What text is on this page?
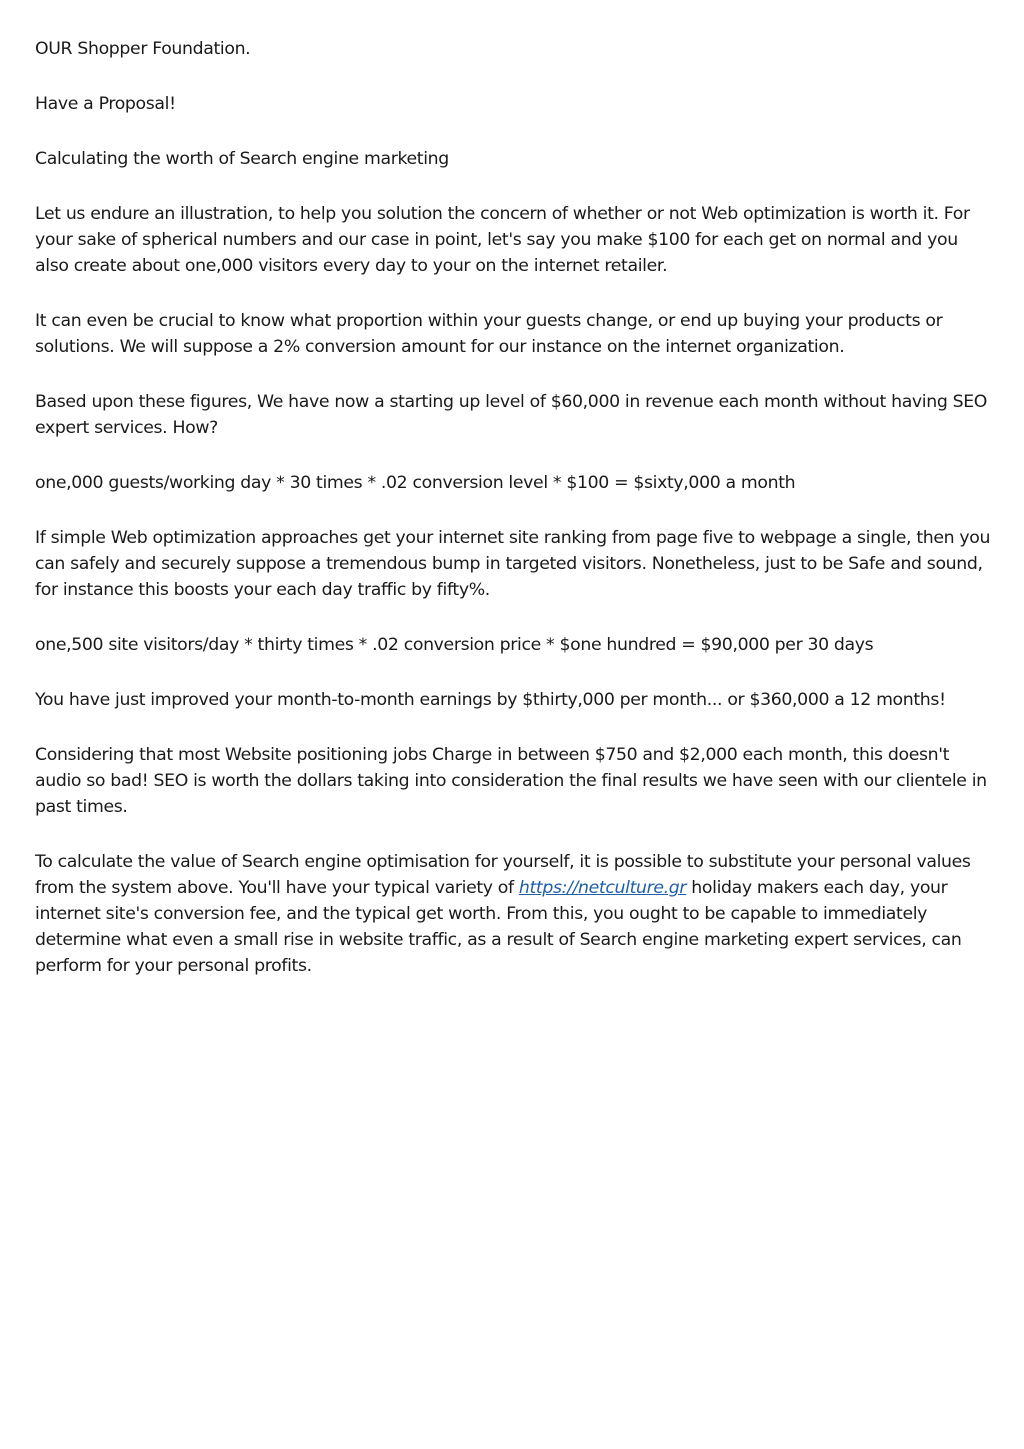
OUR Shopper Foundation.

Have a Proposal!

Calculating the worth of Search engine marketing

Let us endure an illustration, to help you solution the concern of whether or not Web optimization is worth it. For your sake of spherical numbers and our case in point, let's say you make $100 for each get on normal and you also create about one,000 visitors every day to your on the internet retailer.

It can even be crucial to know what proportion within your guests change, or end up buying your products or solutions. We will suppose a 2% conversion amount for our instance on the internet organization.

Based upon these figures, We have now a starting up level of $60,000 in revenue each month without having SEO expert services. How?

one,000 guests/working day * 30 times * .02 conversion level * $100 = $sixty,000 a month

If simple Web optimization approaches get your internet site ranking from page five to webpage a single, then you can safely and securely suppose a tremendous bump in targeted visitors. Nonetheless, just to be Safe and sound, for instance this boosts your each day traffic by fifty%.

one,500 site visitors/day * thirty times * .02 conversion price * $one hundred = $90,000 per 30 days

You have just improved your month-to-month earnings by $thirty,000 per month... or $360,000 a 12 months!

Considering that most Website positioning jobs Charge in between $750 and $2,000 each month, this doesn't audio so bad! SEO is worth the dollars taking into consideration the final results we have seen with our clientele in past times.

To calculate the value of Search engine optimisation for yourself, it is possible to substitute your personal values from the system above. You'll have your typical variety of https://netculture.gr holiday makers each day, your internet site's conversion fee, and the typical get worth. From this, you ought to be capable to immediately determine what even a small rise in website traffic, as a result of Search engine marketing expert services, can perform for your personal profits.
